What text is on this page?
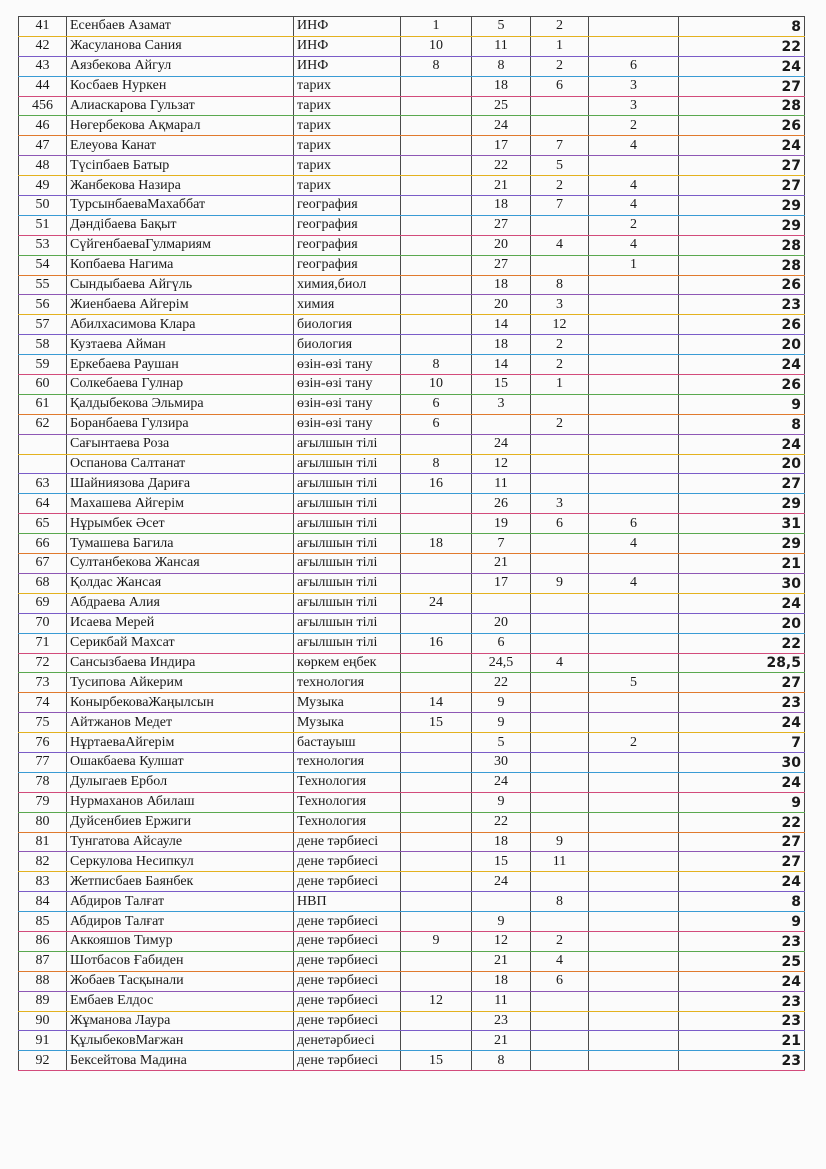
41	Есенбаев Азамат	ИНФ	1	5	2		8
42	Жасуланова Сания	ИНФ	10	11	1		22
43	Аязбекова Айгул	ИНФ	8	8	2	6	24
44	Косбаев Нуркен	тарих		18	6	3	27
456	Алиаскарова Гульзат	тарих		25		3	28
46	Нөгербекова Ақмарал	тарих		24		2	26
47	Елеуова Канат	тарих		17	7	4	24
48	Түсіпбаев Батыр	тарих		22	5		27
49	Жанбекова Назира	тарих		21	2	4	27
50	ТурсынбаеваМахаббат	география		18	7	4	29
51	Дәндібаева Бақыт	география		27		2	29
53	СүйгенбаеваГулмариям	география		20	4	4	28
54	Копбаева Нагима	география		27		1	28
55	Сындыбаева Айгүль	химия,биол		18	8		26
56	Жиенбаева Айгерім	химия		20	3		23
57	Абилхасимова Клара	биология		14	12		26
58	Кузтаева Айман	биология		18	2		20
59	Еркебаева Раушан	өзін-өзі тану	8	14	2		24
60	Солкебаева Гулнар	өзін-өзі тану	10	15	1		26
61	Қалдыбекова Эльмира	өзін-өзі тану	6	3			9
62	Боранбаева Гулзира	өзін-өзі тану	6		2		8
	Сағынтаева Роза	ағылшын тілі		24			24
	Оспанова Салтанат	ағылшын тілі	8	12			20
63	Шайниязова Дариға	ағылшын тілі	16	11			27
64	Махашева Айгерім	ағылшын тілі		26	3		29
65	Нұрымбек Әсет	ағылшын тілі		19	6	6	31
66	Тумашева Багила	ағылшын тілі	18	7		4	29
67	Султанбекова Жансая	ағылшын тілі		21			21
68	Қолдас Жансая	ағылшын тілі		17	9	4	30
69	Абдраева Алия	ағылшын тілі	24				24
70	Исаева Мерей	ағылшын тілі		20			20
71	Серикбай Махсат	ағылшын тілі	16	6			22
72	Сансызбаева Индира	көркем еңбек		24,5	4		28,5
73	Тусипова Айкерим	технология		22		5	27
74	КонырбековаЖаңылсын	Музыка	14	9			23
75	Айтжанов Медет	Музыка	15	9			24
76	НұртаеваАйгерім	бастауыш		5		2	7
77	Ошакбаева Кулшат	технология		30			30
78	Дулыгаев Ербол	Технология		24			24
79	Нурмаханов Абилаш	Технология		9			9
80	Дуйсенбиев Ержиги	Технология		22			22
81	Тунгатова Айсауле	дене тәрбиесі		18	9		27
82	Серкулова Несипкул	дене тәрбиесі		15	11		27
83	Жетписбаев Баянбек	дене тәрбиесі		24			24
84	Абдиров Талғат	НВП			8		8
85	Абдиров Талғат	дене тәрбиесі		9			9
86	Аккояшов Тимур	дене тәрбиесі	9	12	2		23
87	Шотбасов Ғабиден	дене тәрбиесі		21	4		25
88	Жобаев Тасқынали	дене тәрбиесі		18	6		24
89	Ембаев Елдос	дене тәрбиесі	12	11			23
90	Жұманова Лаура	дене тәрбиесі		23			23
91	ҚұлыбековМағжан	денетәрбиесі		21			21
92	Бексейтова Мадина	дене тәрбиесі	15	8			23
